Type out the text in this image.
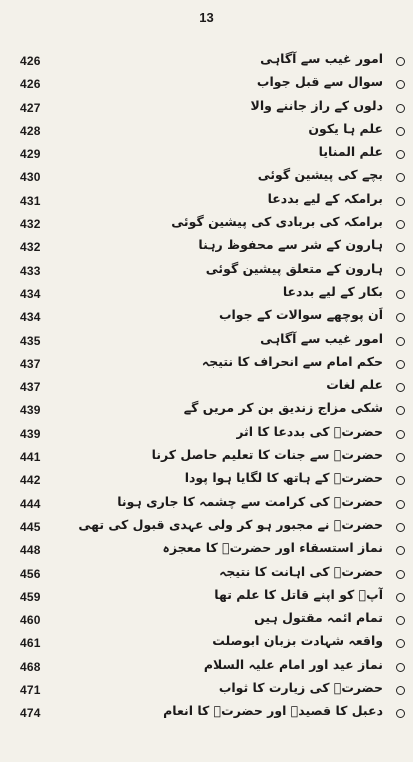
13
426	امور غیب سے آگاہی
426	سوال سے قبل جواب
427	دلوں کے راز جاننے والا
428	علم ہا یکون
429	علم المنایا
430	بچے کی پیشین گوئی
431	برامکہ کے لیے بددعا
432	برامکہ کی بربادی کی پیشین گوئی
432	ہارون کے شر سے محفوظ رہنا
433	ہارون کے متعلق پیشین گوئی
434	بکار کے لیے بددعا
434	اَن پوچھے سوالات کے جواب
435	امور غیب سے آگاہی
437	حکمِ امام سے انحراف کا نتیجہ
437	علم لغات
439	شکی مزاج زندیق بن کر مریں گے
439	حضرتؑ کی بددعا کا اثر
441	حضرتؑ سے جنات کا تعلیم حاصل کرنا
442	حضرتؑ کے ہاتھ کا لگایا ہوا پودا
444	حضرتؑ کی کرامت سے چشمہ کا جاری ہونا
445	حضرتؑ نے مجبور ہو کر ولی عہدی قبول کی تھی
448	نمازِ استسقاء اور حضرتؑ کا معجزہ
456	حضرتؑ کی اہانت کا نتیجہ
459	آپؑ کو اپنے قاتل کا علم تھا
460	تمام ائمہ مقتول ہیں
461	واقعہ شہادت بزبانِ ابوصلت
468	نمازِ عید اور امام علیہ السلام
471	حضرتؑ کی زیارت کا ثواب
474	دعبل کا قصیدہ اور حضرتؑ کا انعام
